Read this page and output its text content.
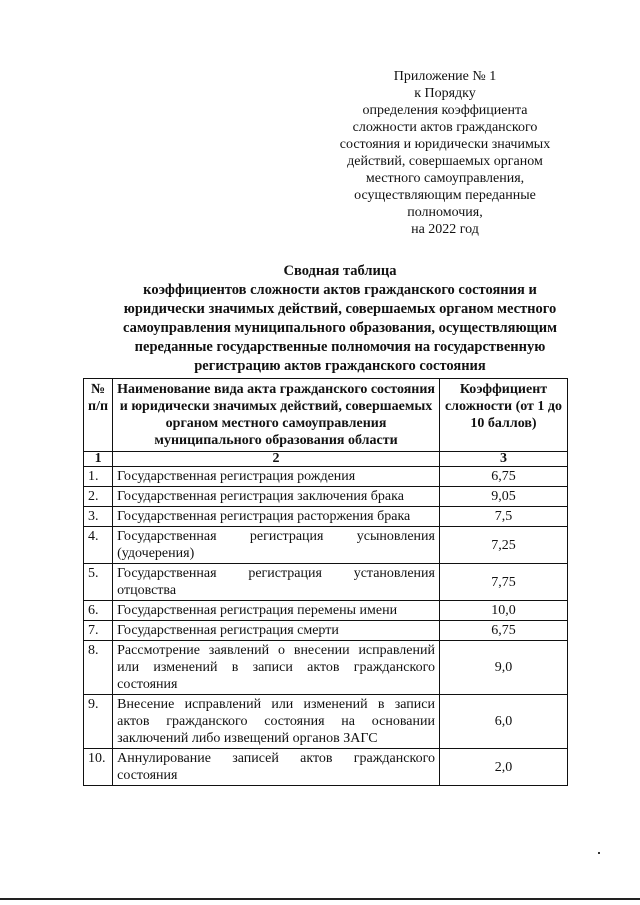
Приложение № 1
к Порядку
определения коэффициента
сложности актов гражданского
состояния и юридически значимых
действий, совершаемых органом
местного самоуправления,
осуществляющим переданные
полномочия,
на 2022 год
Сводная таблица
коэффициентов сложности актов гражданского состояния и
юридически значимых действий, совершаемых органом местного
самоуправления муниципального образования, осуществляющим
переданные государственные полномочия на государственную
регистрацию актов гражданского состояния
№ п/п	Наименование вида акта гражданского состояния и юридически значимых действий, совершаемых органом местного самоуправления муниципального образования области	Коэффициент сложности (от 1 до 10 баллов)
1	2	3
1.	Государственная регистрация рождения	6,75
2.	Государственная регистрация заключения брака	9,05
3.	Государственная регистрация расторжения брака	7,5
4.	Государственная регистрация усыновления (удочерения)	7,25
5.	Государственная регистрация установления отцовства	7,75
6.	Государственная регистрация перемены имени	10,0
7.	Государственная регистрация смерти	6,75
8.	Рассмотрение заявлений о внесении исправлений или изменений в записи актов гражданского состояния	9,0
9.	Внесение исправлений или изменений в записи актов гражданского состояния на основании заключений либо извещений органов ЗАГС	6,0
10.	Аннулирование записей актов гражданского состояния	2,0
